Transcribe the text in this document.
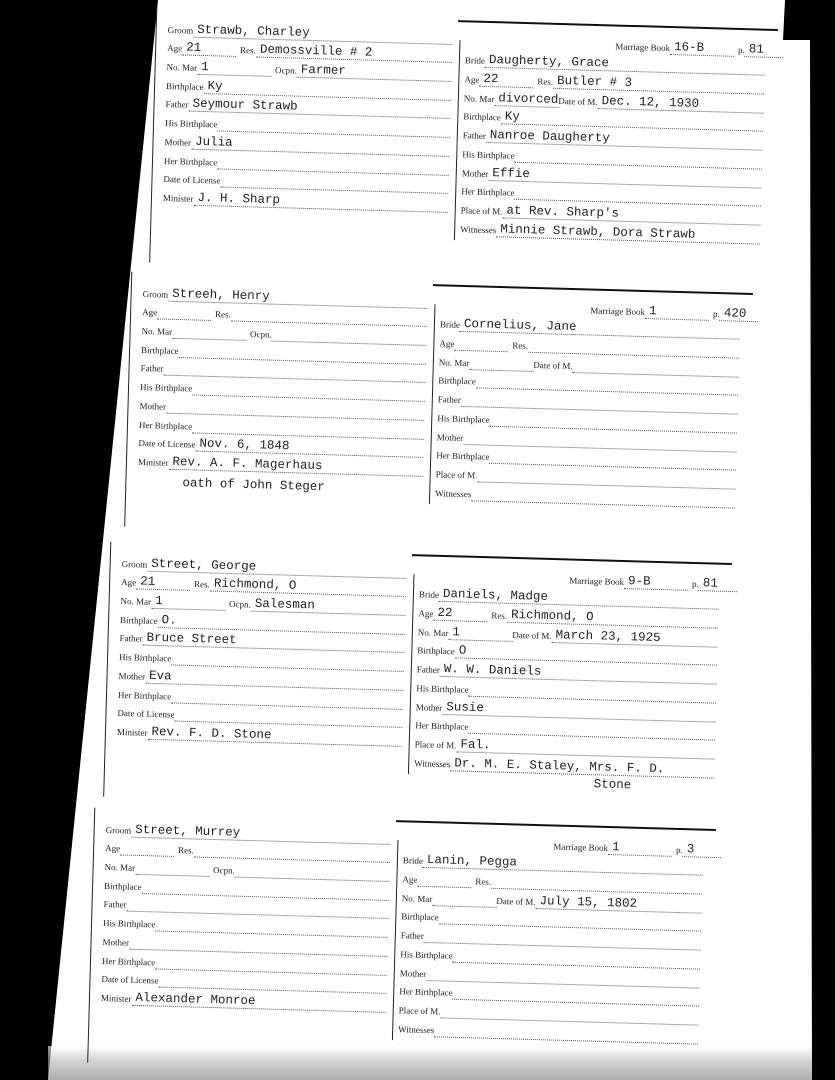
Groom Strawb, Charley
Age 21
	Res. Demossville # 2
No. Mar 1
	Ocpn. Farmer
Birthplace Ky
Father Seymour Strawb
His Birthplace
Mother Julia
Her Birthplace
Date of License
Minister J. H. Sharp
Marriage Book 16-B
	p. 81
Bride Daugherty, Grace
Age 22
	Res. Butler # 3
No. Mar divorced Date of M. Dec. 12, 1930
Birthplace Ky
Father Nanroe Daugherty
His Birthplace
Mother Effie
Her Birthplace
Place of M. at Rev. Sharp's
Witnesses Minnie Strawb, Dora Strawb
Groom Streeh, Henry
Age
	Res.
No. Mar
	Ocpn.
Birthplace
Father
His Birthplace
Mother
Her Birthplace
Date of License Nov. 6, 1848
Minister Rev. A. F. Magerhaus
oath of John Steger
Marriage Book 1
	p. 420
Bride Cornelius, Jane
Age
	Res.
No. Mar	Date of M.
Birthplace
Father
His Birthplace
Mother
Her Birthplace
Place of M.
Witnesses
Groom Street, George
Age 21
	Res. Richmond, O
No. Mar 1
	Ocpn. Salesman
Birthplace O.
Father Bruce Street
His Birthplace
Mother Eva
Her Birthplace
Date of License
Minister Rev. F. D. Stone
Marriage Book 9-B
	p. 81
Bride Daniels, Madge
Age 22
	Res. Richmond, O
No. Mar 1	Date of M. March 23, 1925
Birthplace O
Father W. W. Daniels
His Birthplace
Mother Susie
Her Birthplace
Place of M. Fal.
Witnesses Dr. M. E. Staley, Mrs. F. D.
Stone
Groom Street, Murrey
Age
	Res.
No. Mar
	Ocpn.
Birthplace
Father
His Birthplace
Mother
Her Birthplace
Date of License
Minister Alexander Monroe
Marriage Book 1
	p. 3
Bride Lanin, Pegga
Age
	Res.
No. Mar	Date of M. July 15, 1802
Birthplace
Father
His Birthplace
Mother
Her Birthplace
Place of M.
Witnesses
